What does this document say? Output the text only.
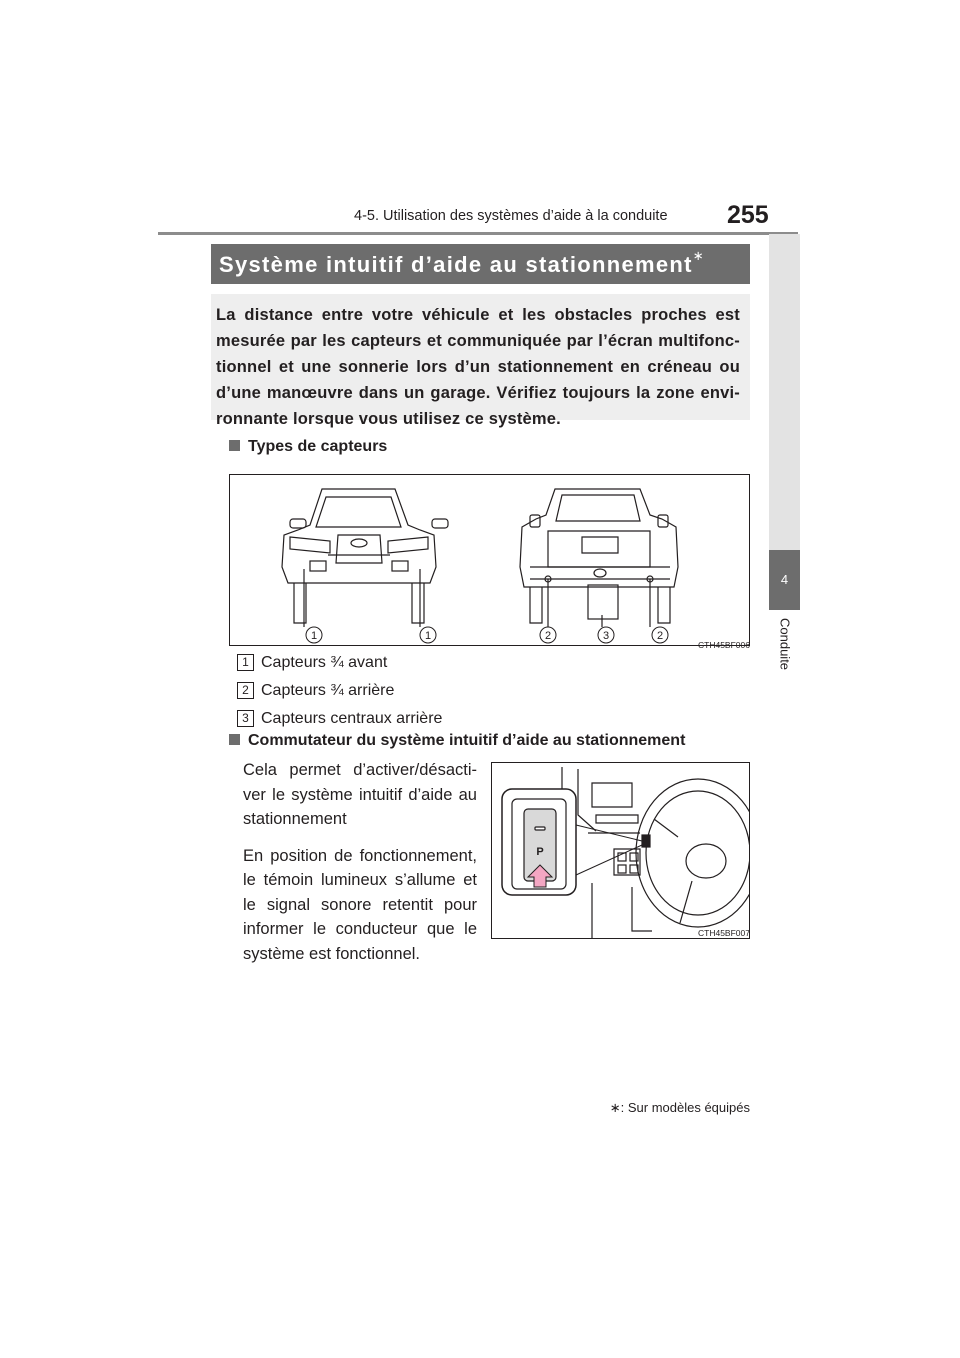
4-5. Utilisation des systèmes d’aide à la conduite 255
4
Conduite
Système intuitif d’aide au stationnement∗
La distance entre votre véhicule et les obstacles proches est mesurée par les capteurs et communiquée par l’écran multifonc-tionnel et une sonnerie lors d’un stationnement en créneau ou d’une manœuvre dans un garage. Vérifiez toujours la zone envi-ronnante lorsque vous utilisez ce système.
Types de capteurs
1	1	2	3	2
CTH45BF006
1 Capteurs ¾ avant
2 Capteurs ¾ arrière
3 Capteurs centraux arrière
Commutateur du système intuitif d’aide au stationnement

Cela permet d’activer/désacti-ver le système intuitif d’aide au stationnement

En position de fonctionnement, le témoin lumineux s’allume et le signal sonore retentit pour informer le conducteur que le système est fonctionnel.

P
CTH45BF007
∗: Sur modèles équipés
